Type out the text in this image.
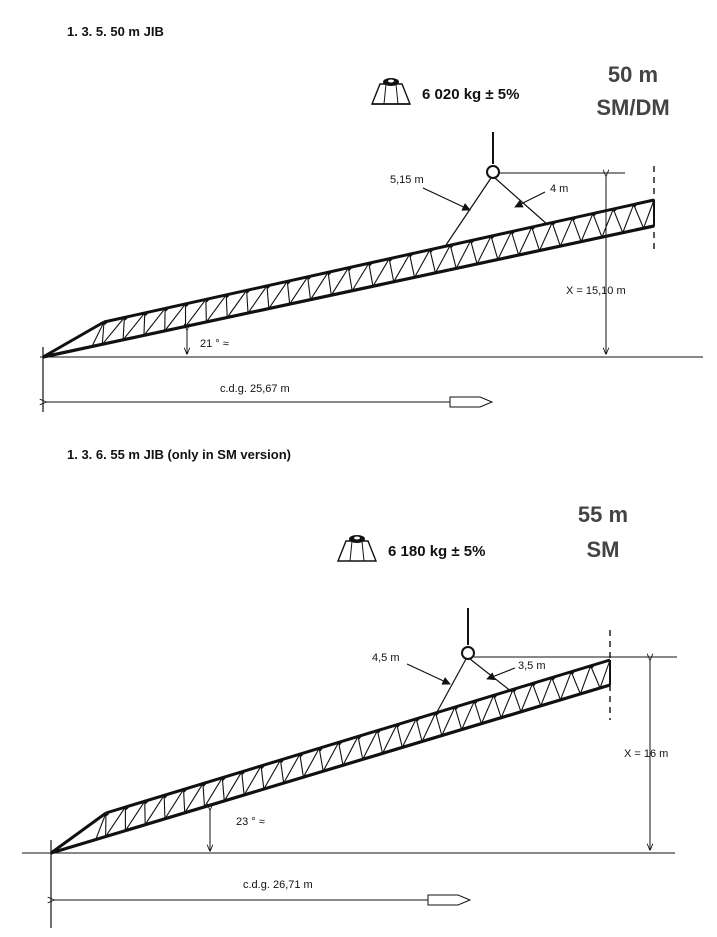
1. 3. 5. 50 m JIB
50 m
SM/DM
6 020 kg ± 5%
5,15 m
4 m
X = 15,10 m
21 ° ≈
c.d.g. 25,67 m
1. 3. 6. 55 m JIB (only in SM version)
55 m
SM
6 180 kg ± 5%
4,5 m
3,5 m
X = 16 m
23 ° ≈
c.d.g. 26,71 m
